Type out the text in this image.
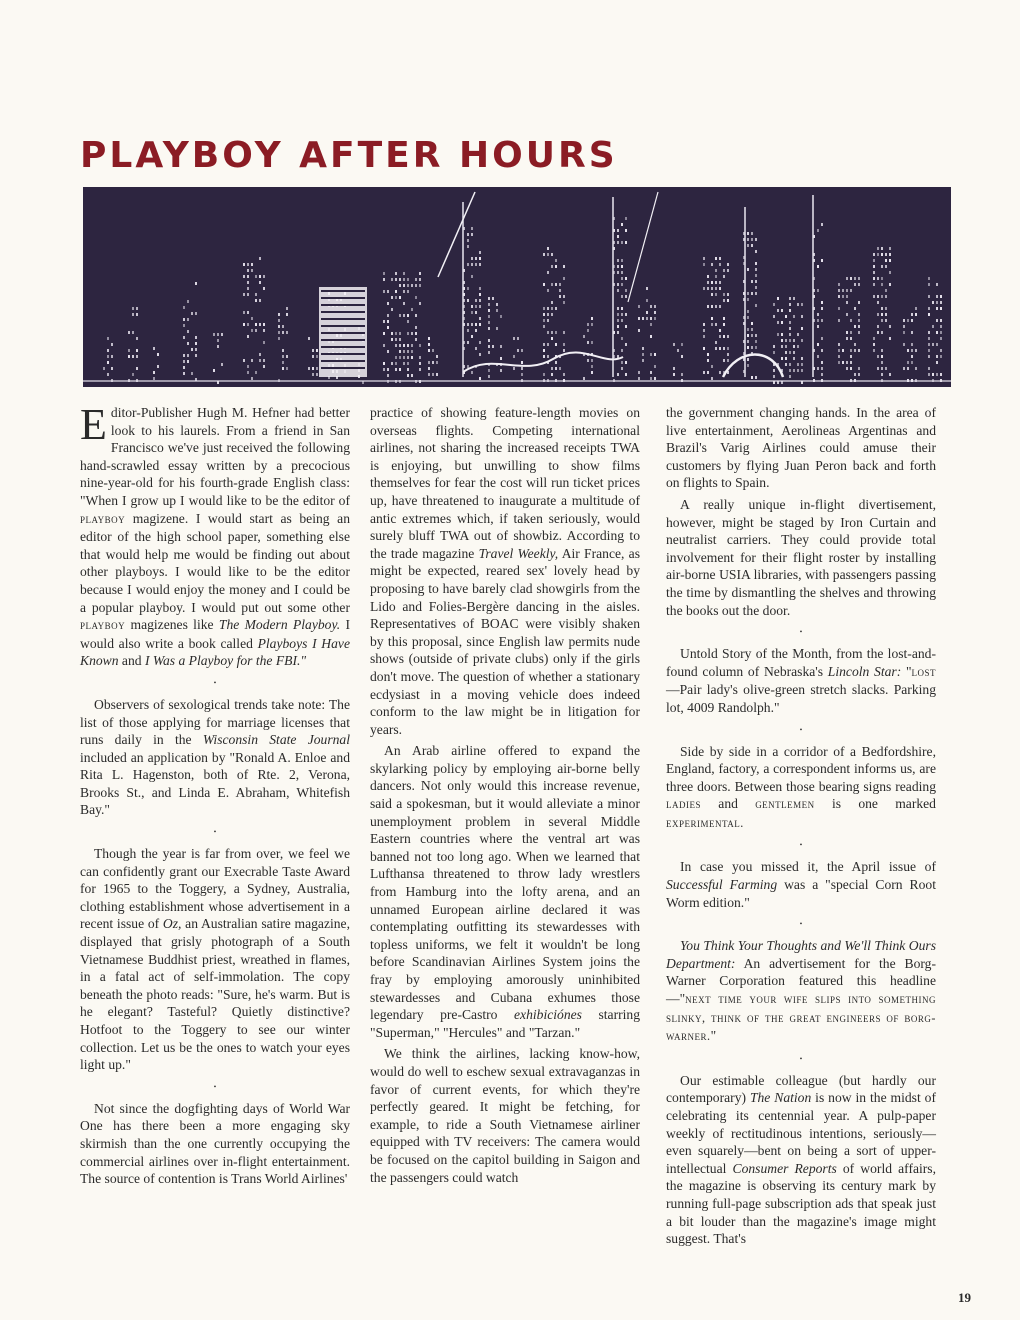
PLAYBOY AFTER HOURS

Editor-Publisher Hugh M. Hefner had better look to his laurels. From a friend in San Francisco we've just received the following hand-scrawled essay written by a precocious nine-year-old for his fourth-grade English class: "When I grow up I would like to be the editor of playboy magizene. I would start as being an editor of the high school paper, something else that would help me would be finding out about other playboys. I would like to be the editor because I would enjoy the money and I could be a popular playboy. I would put out some other playboy magizenes like The Modern Playboy. I would also write a book called Playboys I Have Known and I Was a Playboy for the FBI."

•

Observers of sexological trends take note: The list of those applying for marriage licenses that runs daily in the Wisconsin State Journal included an application by "Ronald A. Enloe and Rita L. Hagenston, both of Rte. 2, Verona, Brooks St., and Linda E. Abraham, Whitefish Bay."

•

Though the year is far from over, we feel we can confidently grant our Execrable Taste Award for 1965 to the Toggery, a Sydney, Australia, clothing establishment whose advertisement in a recent issue of Oz, an Australian satire magazine, displayed that grisly photograph of a South Vietnamese Buddhist priest, wreathed in flames, in a fatal act of self-immolation. The copy beneath the photo reads: "Sure, he's warm. But is he elegant? Tasteful? Quietly distinctive? Hotfoot to the Toggery to see our winter collection. Let us be the ones to watch your eyes light up."

•

Not since the dogfighting days of World War One has there been a more engaging sky skirmish than the one currently occupying the commercial airlines over in-flight entertainment. The source of contention is Trans World Airlines'

practice of showing feature-length movies on overseas flights. Competing international airlines, not sharing the increased receipts TWA is enjoying, but unwilling to show films themselves for fear the cost will run ticket prices up, have threatened to inaugurate a multitude of antic extremes which, if taken seriously, would surely bluff TWA out of showbiz. According to the trade magazine Travel Weekly, Air France, as might be expected, reared sex' lovely head by proposing to have barely clad showgirls from the Lido and Folies-Bergère dancing in the aisles. Representatives of BOAC were visibly shaken by this proposal, since English law permits nude shows (outside of private clubs) only if the girls don't move. The question of whether a stationary ecdysiast in a moving vehicle does indeed conform to the law might be in litigation for years.

An Arab airline offered to expand the skylarking policy by employing air-borne belly dancers. Not only would this increase revenue, said a spokesman, but it would alleviate a minor unemployment problem in several Middle Eastern countries where the ventral art was banned not too long ago. When we learned that Lufthansa threatened to throw lady wrestlers from Hamburg into the lofty arena, and an unnamed European airline declared it was contemplating outfitting its stewardesses with topless uniforms, we felt it wouldn't be long before Scandinavian Airlines System joins the fray by employing amorously uninhibited stewardesses and Cubana exhumes those legendary pre-Castro exhibiciónes starring "Superman," "Hercules" and "Tarzan."

We think the airlines, lacking know-how, would do well to eschew sexual extravaganzas in favor of current events, for which they're perfectly geared. It might be fetching, for example, to ride a South Vietnamese airliner equipped with TV receivers: The camera would be focused on the capitol building in Saigon and the passengers could watch

the government changing hands. In the area of live entertainment, Aerolineas Argentinas and Brazil's Varig Airlines could amuse their customers by flying Juan Peron back and forth on flights to Spain.

A really unique in-flight divertisement, however, might be staged by Iron Curtain and neutralist carriers. They could provide total involvement for their flight roster by installing air-borne USIA libraries, with passengers passing the time by dismantling the shelves and throwing the books out the door.

•

Untold Story of the Month, from the lost-and-found column of Nebraska's Lincoln Star: "lost—Pair lady's olive-green stretch slacks. Parking lot, 4009 Randolph."

•

Side by side in a corridor of a Bedfordshire, England, factory, a correspondent informs us, are three doors. Between those bearing signs reading ladies and gentlemen is one marked experimental.

•

In case you missed it, the April issue of Successful Farming was a "special Corn Root Worm edition."

•

You Think Your Thoughts and We'll Think Ours Department: An advertisement for the Borg-Warner Corporation featured this headline—"next time your wife slips into something slinky, think of the great engineers of borg-warner."

•

Our estimable colleague (but hardly our contemporary) The Nation is now in the midst of celebrating its centennial year. A pulp-paper weekly of rectitudinous intentions, seriously—even squarely—bent on being a sort of upper-intellectual Consumer Reports of world affairs, the magazine is observing its century mark by running full-page subscription ads that speak just a bit louder than the magazine's image might suggest. That's

19
